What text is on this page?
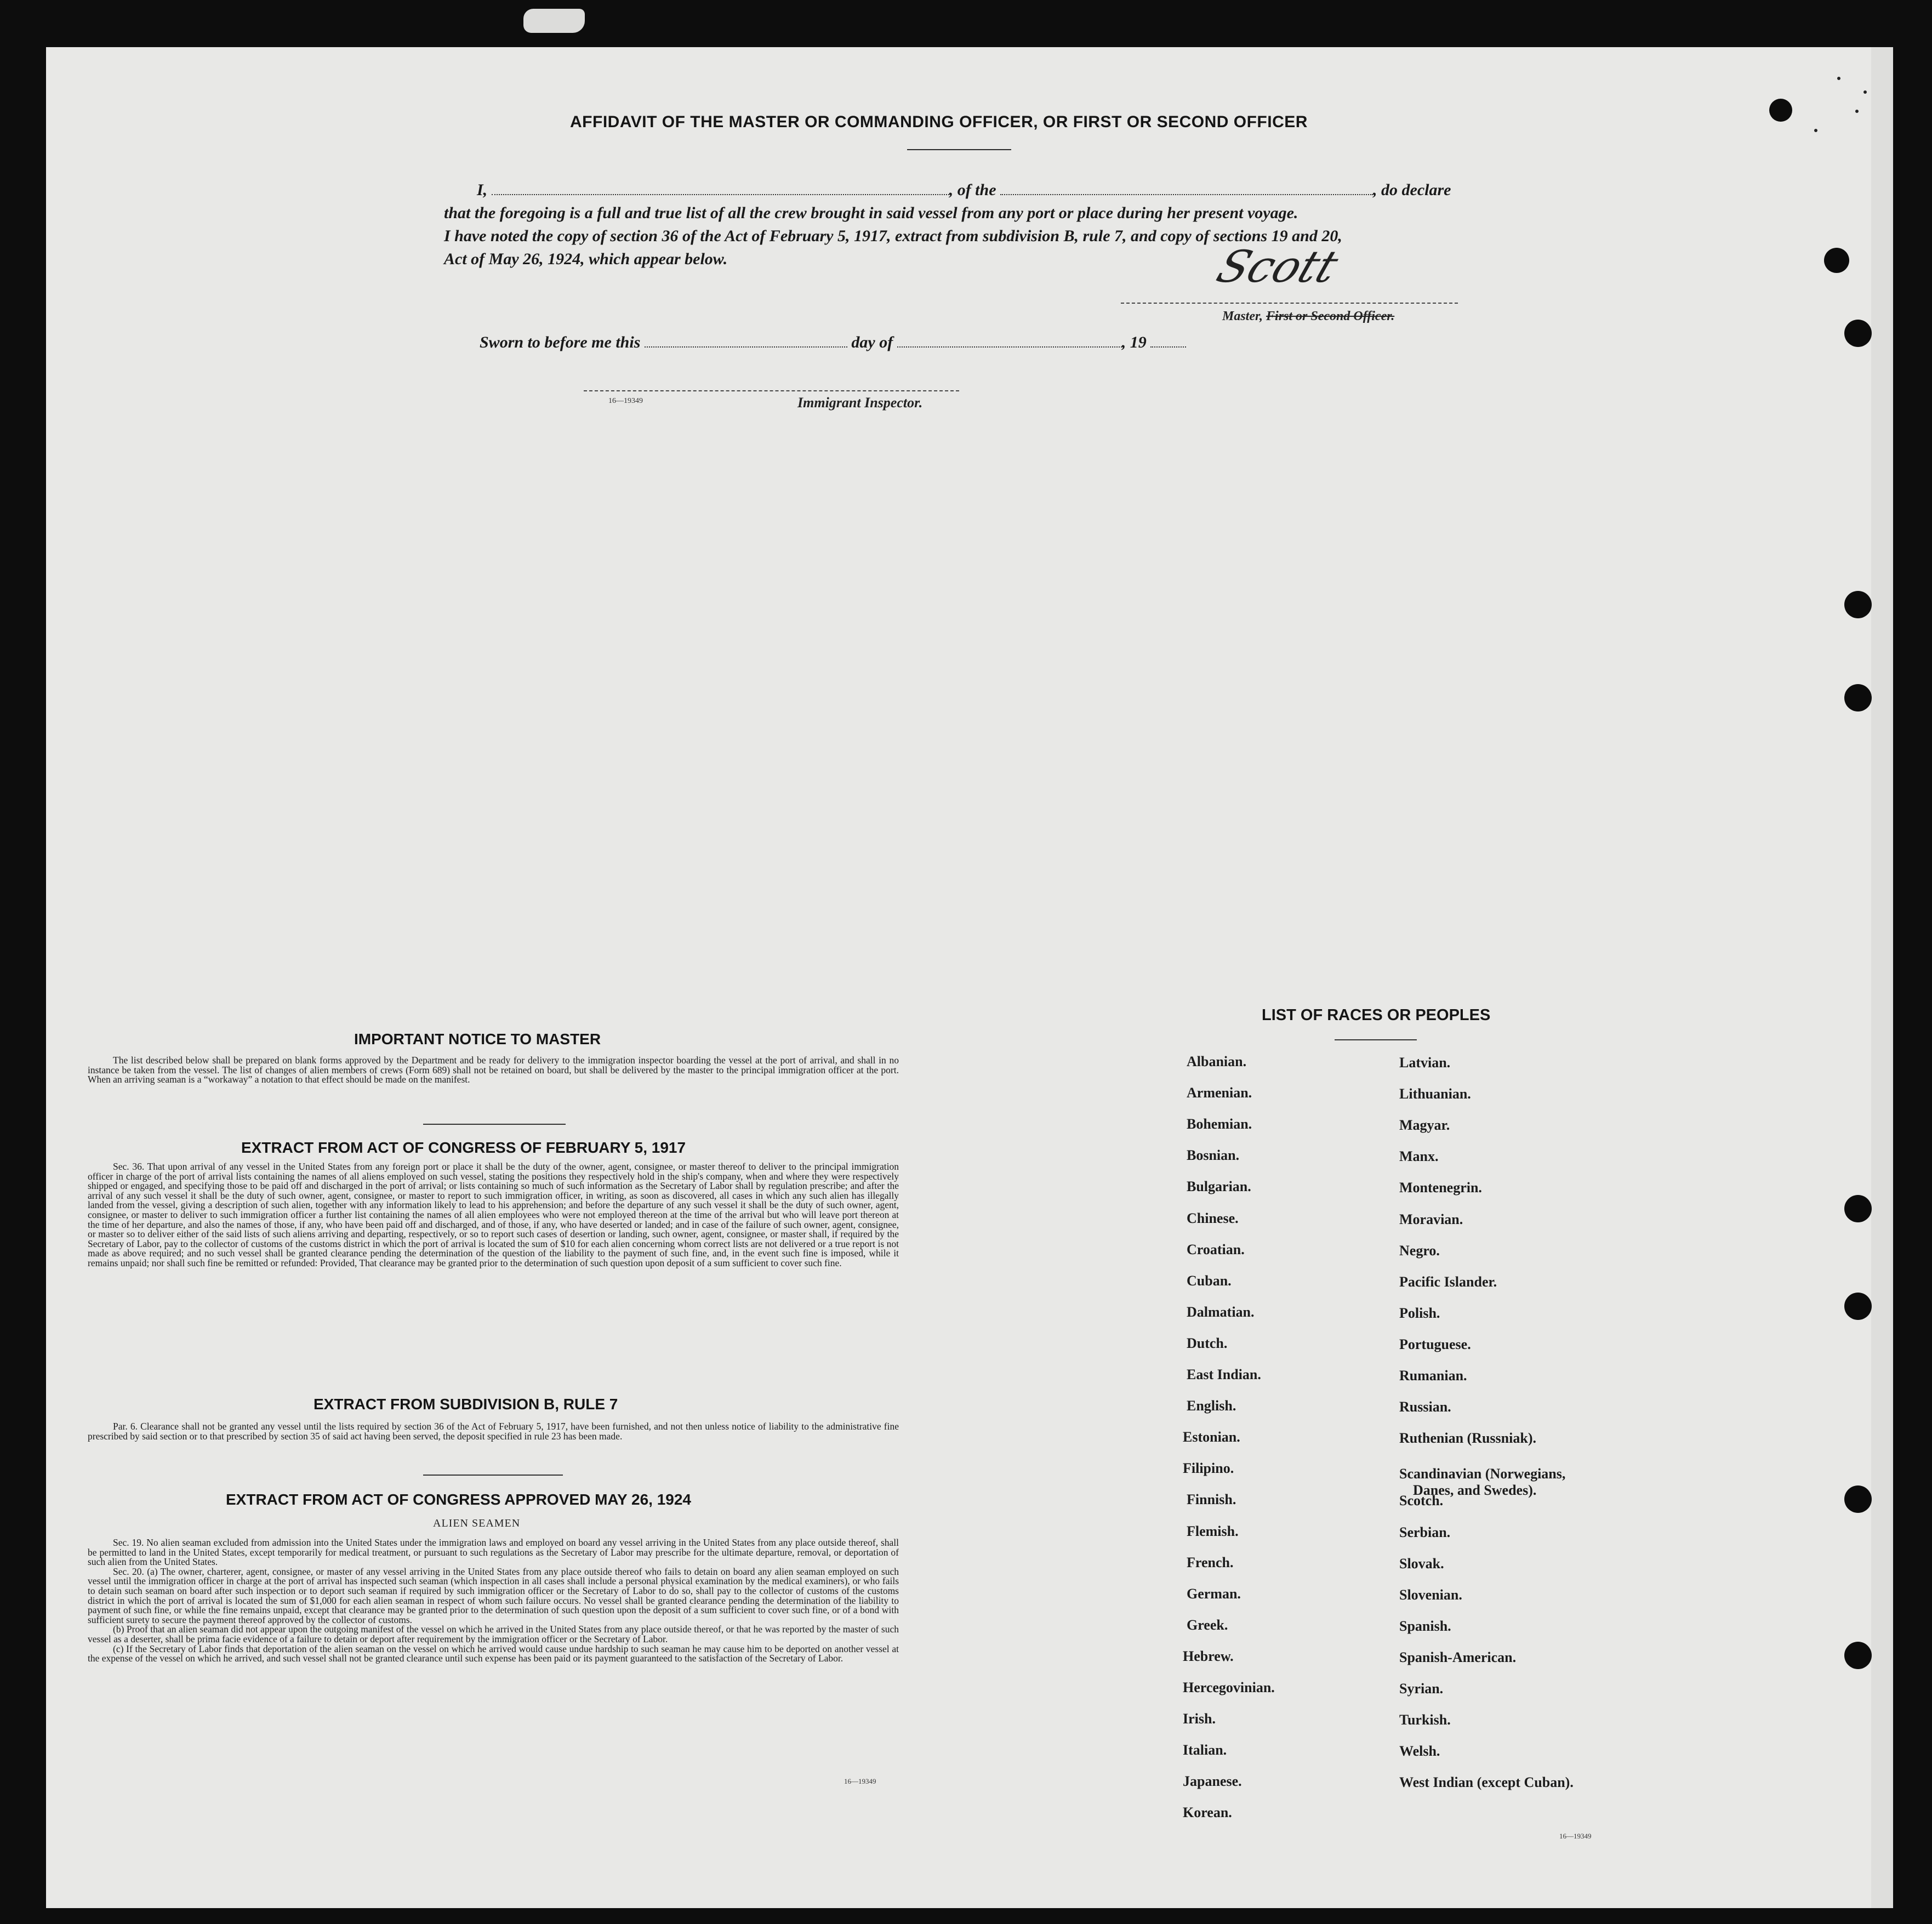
AFFIDAVIT OF THE MASTER OR COMMANDING OFFICER, OR FIRST OR SECOND OFFICER
I,	, of the	, do declare
that the foregoing is a full and true list of all the crew brought in said vessel from any port or place during her present voyage.
I have noted the copy of section 36 of the Act of February 5, 1917, extract from subdivision B, rule 7, and copy of sections 19 and 20,
Act of May 26, 1924, which appear below.	Scott
Master, First or Second Officer.
Sworn to before me this	day of	, 19
16—19349	Immigrant Inspector.
IMPORTANT NOTICE TO MASTER

The list described below shall be prepared on blank forms approved by the Department and be ready for delivery to the immigration inspector boarding the vessel at the port of arrival, and shall in no instance be taken from the vessel. The list of changes of alien members of crews (Form 689) shall not be retained on board, but shall be delivered by the master to the principal immigration officer at the port. When an arriving seaman is a “workaway” a notation to that effect should be made on the manifest.

EXTRACT FROM ACT OF CONGRESS OF FEBRUARY 5, 1917

Sec. 36. That upon arrival of any vessel in the United States from any foreign port or place it shall be the duty of the owner, agent, consignee, or master thereof to deliver to the principal immigration officer in charge of the port of arrival lists containing the names of all aliens employed on such vessel, stating the positions they respectively hold in the ship's company, when and where they were respectively shipped or engaged, and specifying those to be paid off and discharged in the port of arrival; or lists containing so much of such information as the Secretary of Labor shall by regulation prescribe; and after the arrival of any such vessel it shall be the duty of such owner, agent, consignee, or master to report to such immigration officer, in writing, as soon as discovered, all cases in which any such alien has illegally landed from the vessel, giving a description of such alien, together with any information likely to lead to his apprehension; and before the departure of any such vessel it shall be the duty of such owner, agent, consignee, or master to deliver to such immigration officer a further list containing the names of all alien employees who were not employed thereon at the time of the arrival but who will leave port thereon at the time of her departure, and also the names of those, if any, who have been paid off and discharged, and of those, if any, who have deserted or landed; and in case of the failure of such owner, agent, consignee, or master so to deliver either of the said lists of such aliens arriving and departing, respectively, or so to report such cases of desertion or landing, such owner, agent, consignee, or master shall, if required by the Secretary of Labor, pay to the collector of customs of the customs district in which the port of arrival is located the sum of $10 for each alien concerning whom correct lists are not delivered or a true report is not made as above required; and no such vessel shall be granted clearance pending the determination of the question of the liability to the payment of such fine, and, in the event such fine is imposed, while it remains unpaid; nor shall such fine be remitted or refunded: Provided, That clearance may be granted prior to the determination of such question upon deposit of a sum sufficient to cover such fine.

EXTRACT FROM SUBDIVISION B, RULE 7

Par. 6. Clearance shall not be granted any vessel until the lists required by section 36 of the Act of February 5, 1917, have been furnished, and not then unless notice of liability to the administrative fine prescribed by said section or to that prescribed by section 35 of said act having been served, the deposit specified in rule 23 has been made.

EXTRACT FROM ACT OF CONGRESS APPROVED MAY 26, 1924
ALIEN SEAMEN

Sec. 19. No alien seaman excluded from admission into the United States under the immigration laws and employed on board any vessel arriving in the United States from any place outside thereof, shall be permitted to land in the United States, except temporarily for medical treatment, or pursuant to such regulations as the Secretary of Labor may prescribe for the ultimate departure, removal, or deportation of such alien from the United States.

Sec. 20. (a) The owner, charterer, agent, consignee, or master of any vessel arriving in the United States from any place outside thereof who fails to detain on board any alien seaman employed on such vessel until the immigration officer in charge at the port of arrival has inspected such seaman (which inspection in all cases shall include a personal physical examination by the medical examiners), or who fails to detain such seaman on board after such inspection or to deport such seaman if required by such immigration officer or the Secretary of Labor to do so, shall pay to the collector of customs of the customs district in which the port of arrival is located the sum of $1,000 for each alien seaman in respect of whom such failure occurs. No vessel shall be granted clearance pending the determination of the liability to payment of such fine, or while the fine remains unpaid, except that clearance may be granted prior to the determination of such question upon the deposit of a sum sufficient to cover such fine, or of a bond with sufficient surety to secure the payment thereof approved by the collector of customs.

(b) Proof that an alien seaman did not appear upon the outgoing manifest of the vessel on which he arrived in the United States from any place outside thereof, or that he was reported by the master of such vessel as a deserter, shall be prima facie evidence of a failure to detain or deport after requirement by the immigration officer or the Secretary of Labor.

(c) If the Secretary of Labor finds that deportation of the alien seaman on the vessel on which he arrived would cause undue hardship to such seaman he may cause him to be deported on another vessel at the expense of the vessel on which he arrived, and such vessel shall not be granted clearance until such expense has been paid or its payment guaranteed to the satisfaction of the Secretary of Labor.

16—19349
LIST OF RACES OR PEOPLES
Albanian.
Armenian.
Bohemian.
Bosnian.
Bulgarian.
Chinese.
Croatian.
Cuban.
Dalmatian.
Dutch.
East Indian.
English.
Estonian.
Filipino.
Finnish.
Flemish.
French.
German.
Greek.
Hebrew.
Hercegovinian.
Irish.
Italian.
Japanese.
Korean.
Latvian.
Lithuanian.
Magyar.
Manx.
Montenegrin.
Moravian.
Negro.
Pacific Islander.
Polish.
Portuguese.
Rumanian.
Russian.
Ruthenian (Russniak).
Scandinavian (Norwegians,
Danes, and Swedes).
Scotch.
Serbian.
Slovak.
Slovenian.
Spanish.
Spanish-American.
Syrian.
Turkish.
Welsh.
West Indian (except Cuban).
16—19349
